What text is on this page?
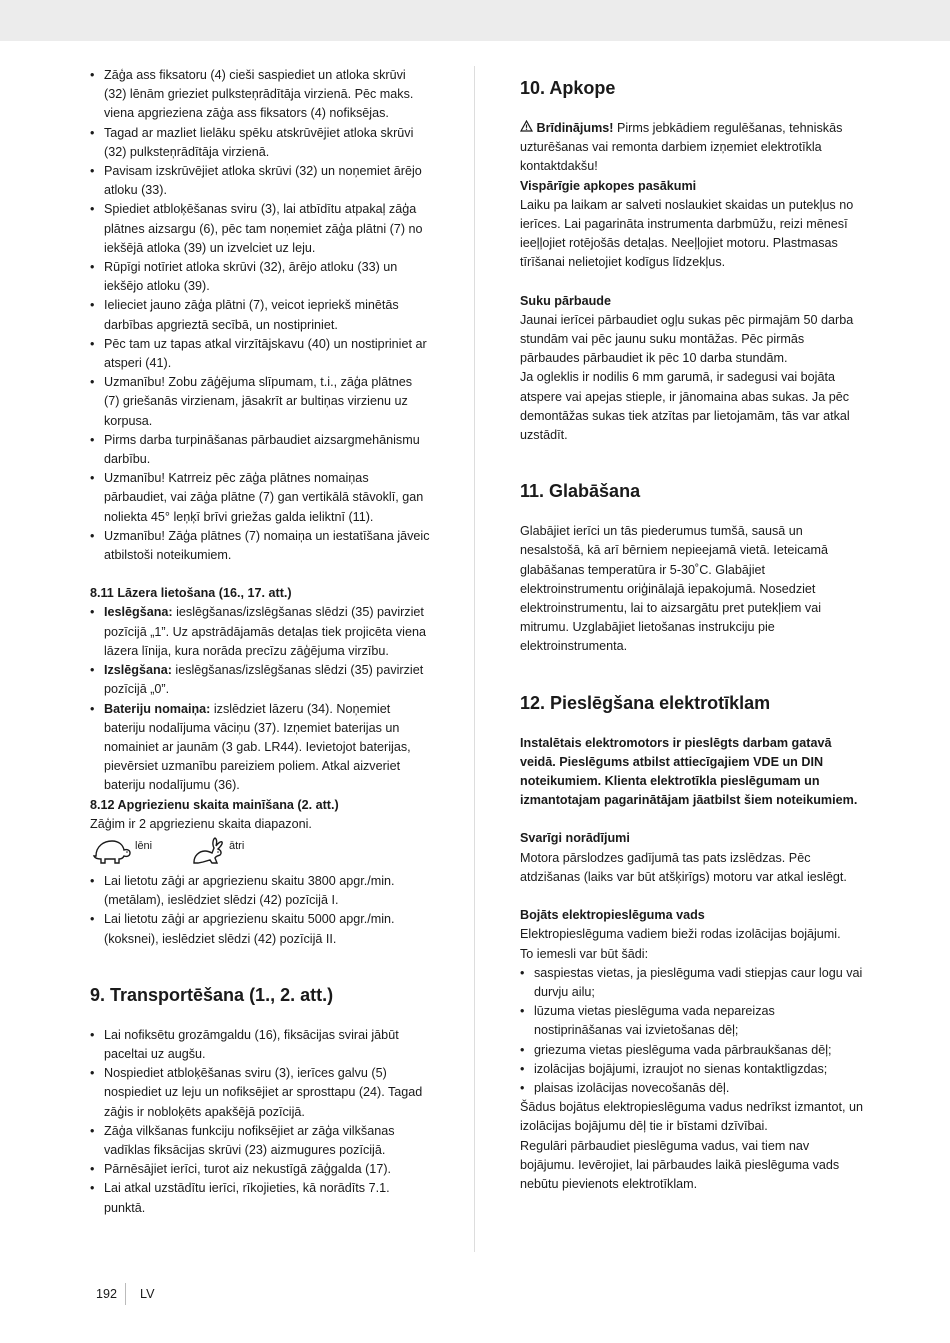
• Zāģa ass fiksatoru (4) cieši saspiediet un atloka skrūvi (32) lēnām grieziet pulksteņrādītāja virzienā. Pēc maks. viena apgrieziena zāģa ass fiksators (4) nofiksējas.
• Tagad ar mazliet lielāku spēku atskrūvējiet atloka skrūvi (32) pulksteņrādītāja virzienā.
• Pavisam izskrūvējiet atloka skrūvi (32) un noņemiet ārējo atloku (33).
• Spiediet atbloķēšanas sviru (3), lai atbīdītu atpakaļ zāģa plātnes aizsargu (6), pēc tam noņemiet zāģa plātni (7) no iekšējā atloka (39) un izvelciet uz leju.
• Rūpīgi notīriet atloka skrūvi (32), ārējo atloku (33) un iekšējo atloku (39).
• Ielieciet jauno zāģa plātni (7), veicot iepriekš minētās darbības apgrieztā secībā, un nostipriniet.
• Pēc tam uz tapas atkal virzītājskavu (40) un nostipriniet ar atsperi (41).
• Uzmanību! Zobu zāģējuma slīpumam, t.i., zāģa plātnes (7) griešanās virzienam, jāsakrīt ar bultiņas virzienu uz korpusa.
• Pirms darba turpināšanas pārbaudiet aizsargmehānismu darbību.
• Uzmanību! Katrreiz pēc zāģa plātnes nomaiņas pārbaudiet, vai zāģa plātne (7) gan vertikālā stāvoklī, gan noliekta 45° leņķī brīvi griežas galda ieliktnī (11).
• Uzmanību! Zāģa plātnes (7) nomaiņa un iestatīšana jāveic atbilstoši noteikumiem.

8.11 Lāzera lietošana (16., 17. att.)

• Ieslēgšana: ieslēgšanas/izslēgšanas slēdzi (35) pavirziet pozīcijā „1”. Uz apstrādājamās detaļas tiek projicēta viena lāzera līnija, kura norāda precīzu zāģējuma virzību.
• Izslēgšana: ieslēgšanas/izslēgšanas slēdzi (35) pavirziet pozīcijā „0”.
• Bateriju nomaiņa: izslēdziet lāzeru (34). Noņemiet bateriju nodalījuma vāciņu (37). Izņemiet baterijas un nomainiet ar jaunām (3 gab. LR44). Ievietojot baterijas, pievērsiet uzmanību pareiziem poliem. Atkal aizveriet bateriju nodalījumu (36).

8.12 Apgriezienu skaita mainīšana (2. att.)

Zāģim ir 2 apgriezienu skaita diapazoni.

lēni	ātri
• Lai lietotu zāģi ar apgriezienu skaitu 3800 apgr./min. (metālam), ieslēdziet slēdzi (42) pozīcijā I.
• Lai lietotu zāģi ar apgriezienu skaitu 5000 apgr./min. (koksnei), ieslēdziet slēdzi (42) pozīcijā II.
9. Transportēšana (1., 2. att.)
• Lai nofiksētu grozāmgaldu (16), fiksācijas svirai jābūt paceltai uz augšu.
• Nospiediet atbloķēšanas sviru (3), ierīces galvu (5) nospiediet uz leju un nofiksējiet ar sprosttapu (24). Tagad zāģis ir nobloķēts apakšējā pozīcijā.
• Zāģa vilkšanas funkciju nofiksējiet ar zāģa vilkšanas vadīklas fiksācijas skrūvi (23) aizmugures pozīcijā.
• Pārnēsājiet ierīci, turot aiz nekustīgā zāģgalda (17).
• Lai atkal uzstādītu ierīci, rīkojieties, kā norādīts 7.1. punktā.
10. Apkope

Brīdinājums! Pirms jebkādiem regulēšanas, tehniskās uzturēšanas vai remonta darbiem izņemiet elektrotīkla kontaktdakšu!

Vispārīgie apkopes pasākumi

Laiku pa laikam ar salveti noslaukiet skaidas un putekļus no ierīces. Lai pagarināta instrumenta darbmūžu, reizi mēnesī ieeļļojiet rotējošās detaļas. Neeļļojiet motoru. Plastmasas tīrīšanai nelietojiet kodīgus līdzekļus.

Suku pārbaude

Jaunai ierīcei pārbaudiet ogļu sukas pēc pirmajām 50 darba stundām vai pēc jaunu suku montāžas. Pēc pirmās pārbaudes pārbaudiet ik pēc 10 darba stundām.

Ja ogleklis ir nodilis 6 mm garumā, ir sadegusi vai bojāta atspere vai apejas stieple, ir jānomaina abas sukas. Ja pēc demontāžas sukas tiek atzītas par lietojamām, tās var atkal uzstādīt.

11. Glabāšana

Glabājiet ierīci un tās piederumus tumšā, sausā un nesalstošā, kā arī bērniem nepieejamā vietā. Ieteicamā glabāšanas temperatūra ir 5-30˚C. Glabājiet elektroinstrumentu oriģinālajā iepakojumā. Nosedziet elektroinstrumentu, lai to aizsargātu pret putekļiem vai mitrumu. Uzglabājiet lietošanas instrukciju pie elektroinstrumenta.

12. Pieslēgšana elektrotīklam

Instalētais elektromotors ir pieslēgts darbam gatavā veidā. Pieslēgums atbilst attiecīgajiem VDE un DIN noteikumiem. Klienta elektrotīkla pieslēgumam un izmantotajam pagarinātājam jāatbilst šiem noteikumiem.

Svarīgi norādījumi

Motora pārslodzes gadījumā tas pats izslēdzas. Pēc atdzišanas (laiks var būt atšķirīgs) motoru var atkal ieslēgt.

Bojāts elektropieslēguma vads

Elektropieslēguma vadiem bieži rodas izolācijas bojājumi.

To iemesli var būt šādi:

• saspiestas vietas, ja pieslēguma vadi stiepjas caur logu vai durvju ailu;
• lūzuma vietas pieslēguma vada nepareizas nostiprināšanas vai izvietošanas dēļ;
• griezuma vietas pieslēguma vada pārbraukšanas dēļ;
• izolācijas bojājumi, izraujot no sienas kontaktligzdas;
• plaisas izolācijas novecošanās dēļ.

Šādus bojātus elektropieslēguma vadus nedrīkst izmantot, un izolācijas bojājumu dēļ tie ir bīstami dzīvībai.

Regulāri pārbaudiet pieslēguma vadus, vai tiem nav bojājumu. Ievērojiet, lai pārbaudes laikā pieslēguma vads nebūtu pievienots elektrotīklam.

192 LV
